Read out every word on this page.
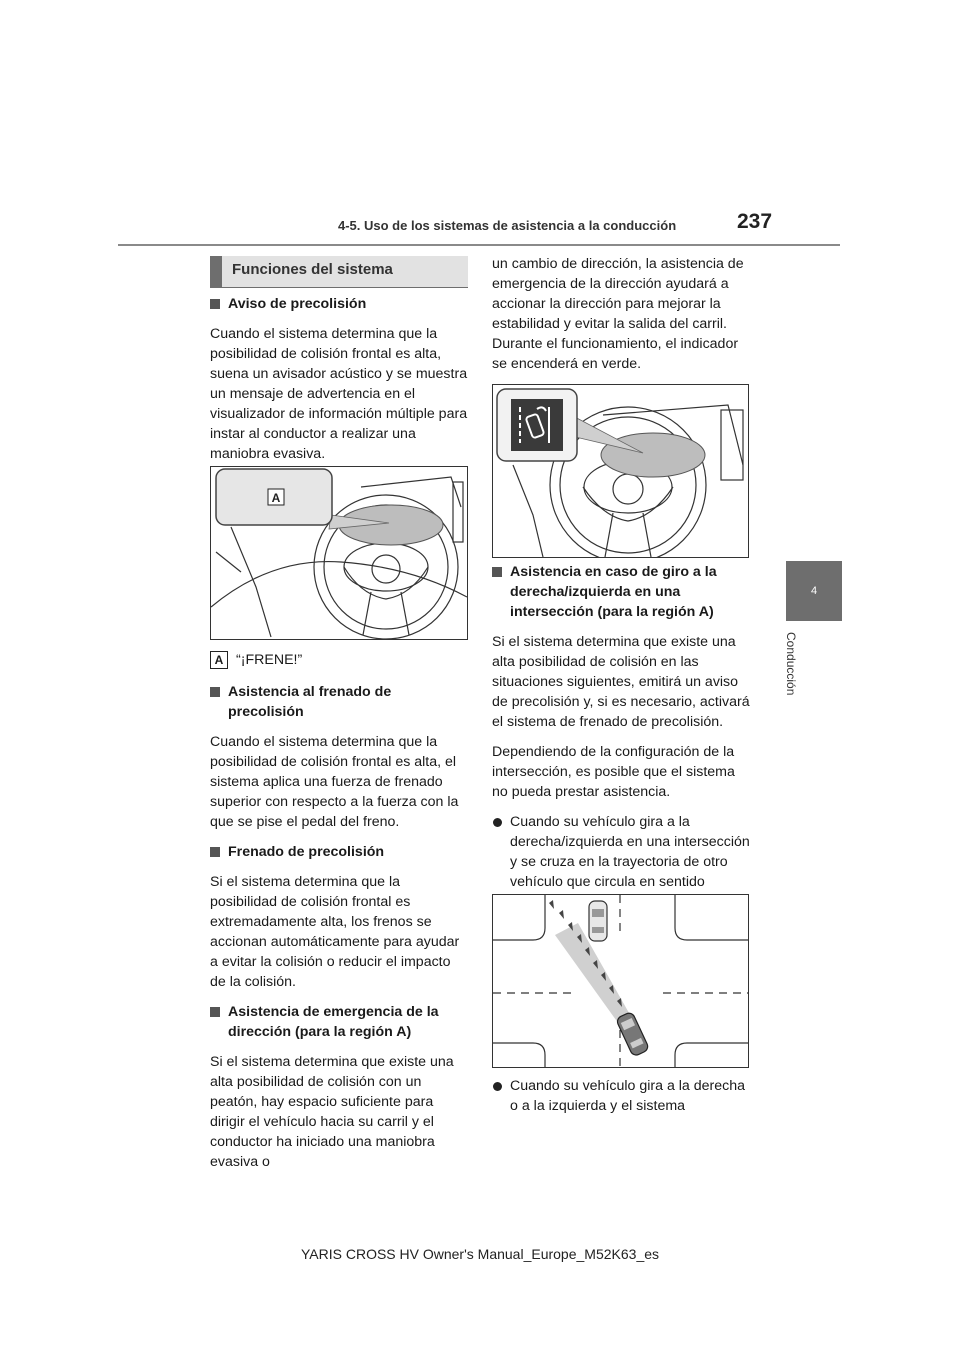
4-5. Uso de los sistemas de asistencia a la conducción	237
4
Conducción
Funciones del sistema

Aviso de precolisión

Cuando el sistema determina que la posibilidad de colisión frontal es alta, suena un avisador acústico y se muestra un mensaje de advertencia en el visualizador de información múltiple para instar al conductor a realizar una maniobra evasiva.

A
A “¡FRENE!”

Asistencia al frenado de precolisión

Cuando el sistema determina que la posibilidad de colisión frontal es alta, el sistema aplica una fuerza de frenado superior con respecto a la fuerza con la que se pise el pedal del freno.

Frenado de precolisión

Si el sistema determina que la posibilidad de colisión frontal es extremadamente alta, los frenos se accionan automáticamente para ayudar a evitar la colisión o reducir el impacto de la colisión.

Asistencia de emergencia de la dirección (para la región A)

Si el sistema determina que existe una alta posibilidad de colisión con un peatón, hay espacio suficiente para dirigir el vehículo hacia su carril y el conductor ha iniciado una maniobra evasiva o

un cambio de dirección, la asistencia de emergencia de la dirección ayudará a accionar la dirección para mejorar la estabilidad y evitar la salida del carril. Durante el funcionamiento, el indicador se encenderá en verde.

Asistencia en caso de giro a la derecha/izquierda en una intersección (para la región A)

Si el sistema determina que existe una alta posibilidad de colisión en las situaciones siguientes, emitirá un aviso de precolisión y, si es necesario, activará el sistema de frenado de precolisión.

Dependiendo de la configuración de la intersección, es posible que el sistema no pueda prestar asistencia.

Cuando su vehículo gira a la derecha/izquierda en una intersección y se cruza en la trayectoria de otro vehículo que circula en sentido

Cuando su vehículo gira a la derecha o a la izquierda y el sistema

YARIS CROSS HV Owner's Manual_Europe_M52K63_es
